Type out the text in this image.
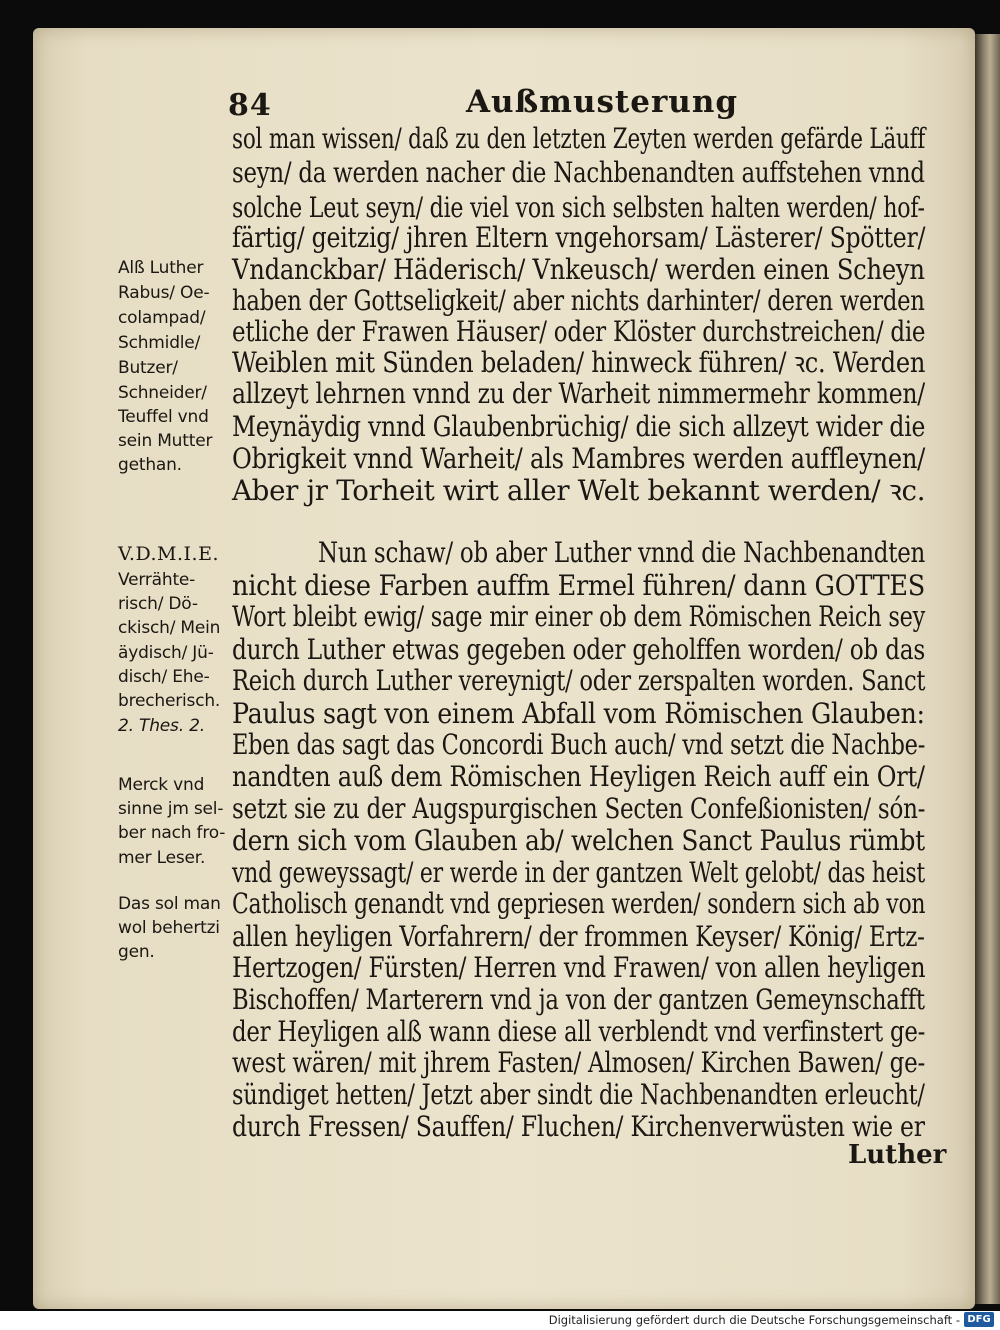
84	Außmusterung
sol man wissen/ daß zu den letzten Zeyten werden gefärde Läuff
seyn/ da werden nacher die Nachbenandten auffstehen vnnd
solche Leut seyn/ die viel von sich selbsten halten werden/ hof-
färtig/ geitzig/ jhren Eltern vngehorsam/ Lästerer/ Spötter/
Vndanckbar/ Häderisch/ Vnkeusch/ werden einen Scheyn
haben der Gottseligkeit/ aber nichts darhinter/ deren werden
etliche der Frawen Häuser/ oder Klöster durchstreichen/ die
Weiblen mit Sünden beladen/ hinweck führen/ ꝛc. Werden
allzeyt lehrnen vnnd zu der Warheit nimmermehr kommen/
Meynäydig vnnd Glaubenbrüchig/ die sich allzeyt wider die
Obrigkeit vnnd Warheit/ als Mambres werden auffleynen/
Aber jr Torheit wirt aller Welt bekannt werden/ ꝛc.
Nun schaw/ ob aber Luther vnnd die Nachbenandten
nicht diese Farben auffm Ermel führen/ dann GOTTES
Wort bleibt ewig/ sage mir einer ob dem Römischen Reich sey
durch Luther etwas gegeben oder geholffen worden/ ob das
Reich durch Luther vereynigt/ oder zerspalten worden. Sanct
Paulus sagt von einem Abfall vom Römischen Glauben:
Eben das sagt das Concordi Buch auch/ vnd setzt die Nachbe-
nandten auß dem Römischen Heyligen Reich auff ein Ort/
setzt sie zu der Augspurgischen Secten Confeßionisten/ són-
dern sich vom Glauben ab/ welchen Sanct Paulus rümbt
vnd geweyssagt/ er werde in der gantzen Welt gelobt/ das heist
Catholisch genandt vnd gepriesen werden/ sondern sich ab von
allen heyligen Vorfahrern/ der frommen Keyser/ König/ Ertz-
Hertzogen/ Fürsten/ Herren vnd Frawen/ von allen heyligen
Bischoffen/ Marterern vnd ja von der gantzen Gemeynschafft
der Heyligen alß wann diese all verblendt vnd verfinstert ge-
west wären/ mit jhrem Fasten/ Almosen/ Kirchen Bawen/ ge-
sündiget hetten/ Jetzt aber sindt die Nachbenandten erleucht/
durch Fressen/ Sauffen/ Fluchen/ Kirchenverwüsten wie er
Luther
Alß Luther
Rabus/ Oe-
colampad/
Schmidle/
Butzer/
Schneider/
Teuffel vnd
sein Mutter
gethan.
V.D.M.I.E.
Verrähte-
risch/ Dö-
ckisch/ Mein
äydisch/ Jü-
disch/ Ehe-
brecherisch.
2. Thes. 2.
Merck vnd
sinne jm sel-
ber nach fro-
mer Leser.
Das sol man
wol behertzi
gen.
Digitalisierung gefördert durch die Deutsche Forschungsgemeinschaft - DFG
